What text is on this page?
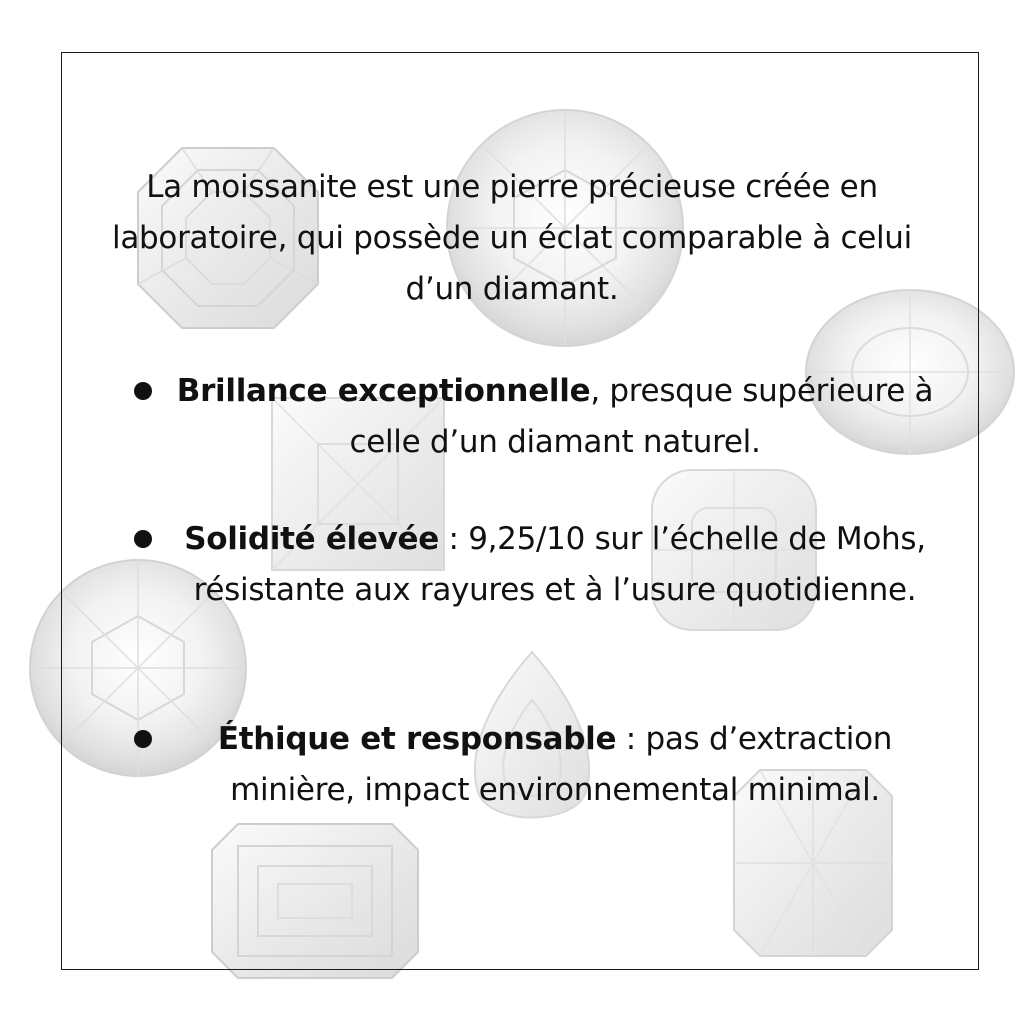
La moissanite est une pierre précieuse créée en laboratoire, qui possède un éclat comparable à celui d’un diamant.

Brillance exceptionnelle, presque supérieure à celle d’un diamant naturel.

Solidité élevée : 9,25/10 sur l’échelle de Mohs, résistante aux rayures et à l’usure quotidienne.

Éthique et responsable : pas d’extraction minière, impact environnemental minimal.
